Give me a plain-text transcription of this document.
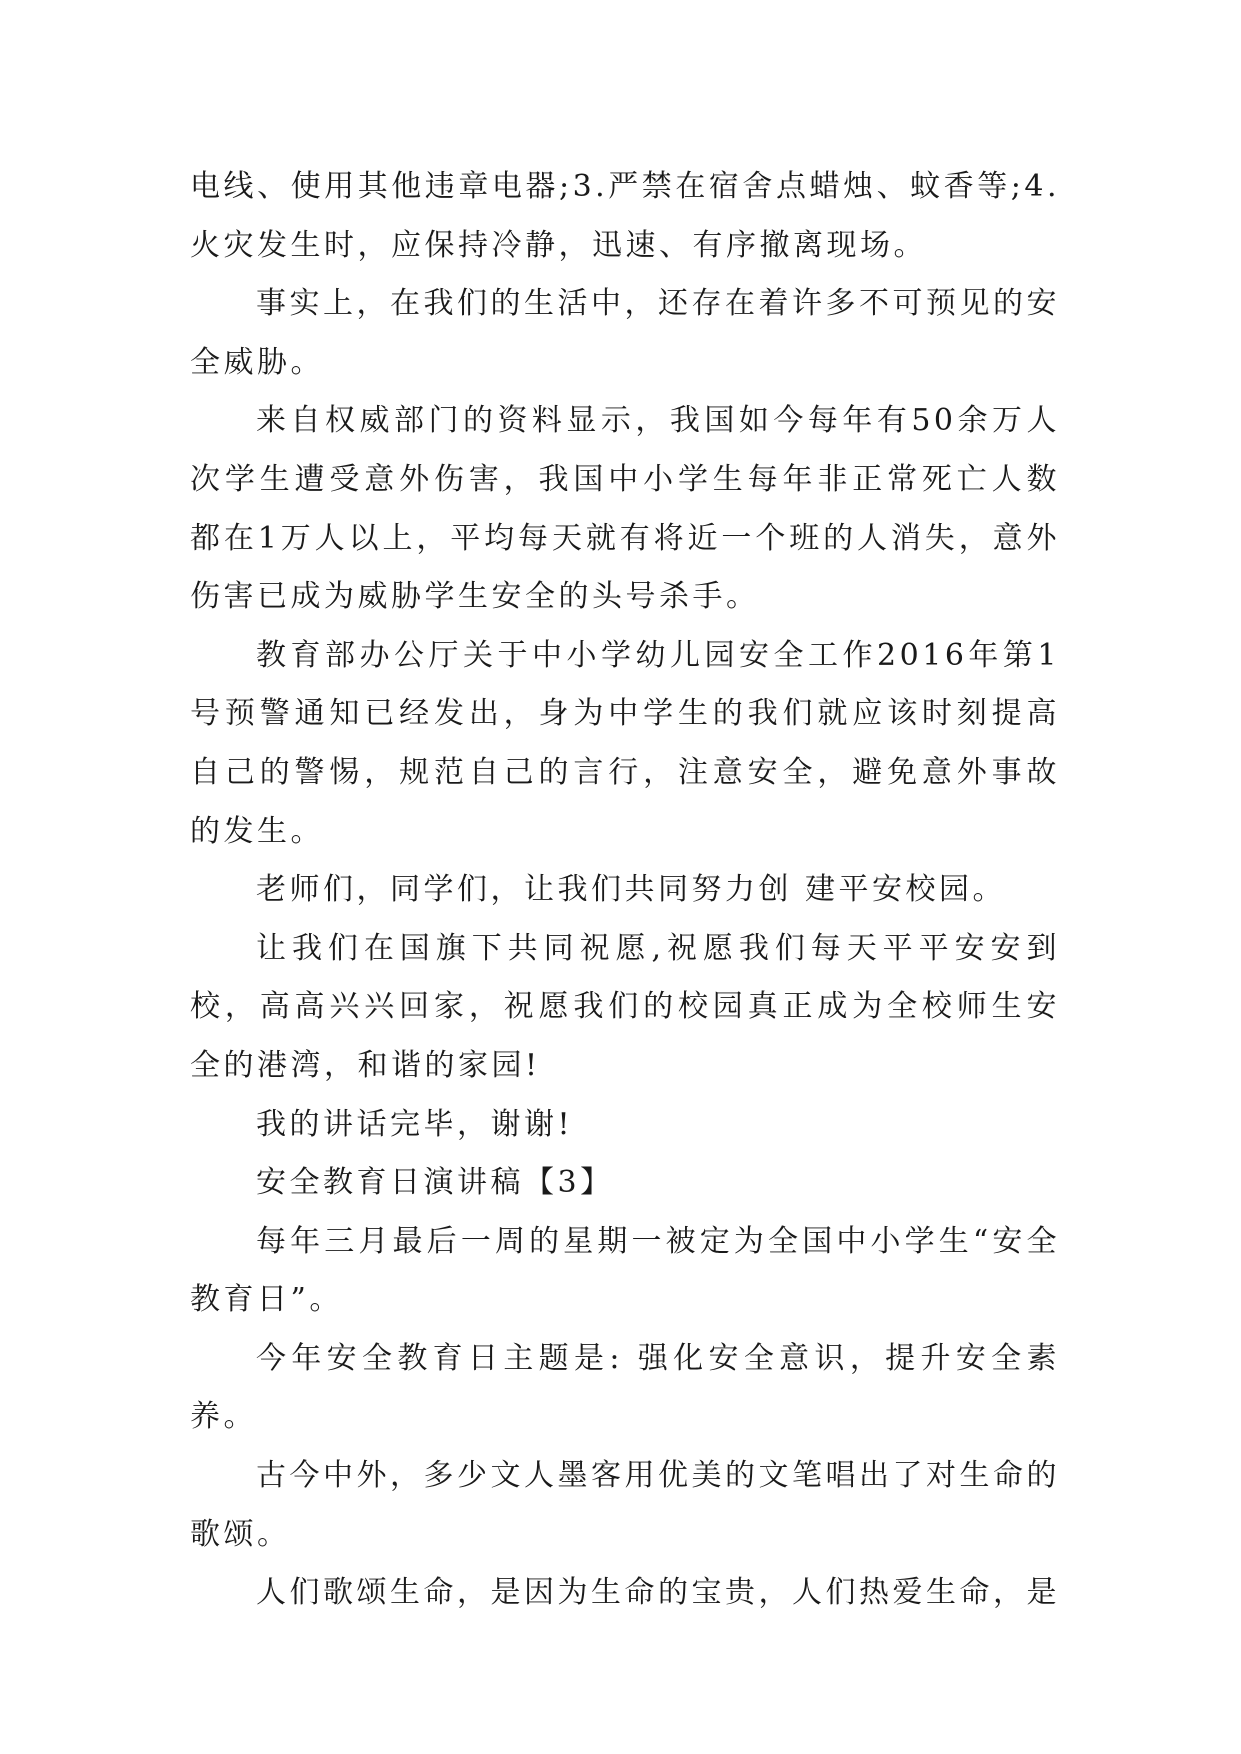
电线、使用其他违章电器;3.严禁在宿舍点蜡烛、蚊香等;4.火灾发生时，应保持冷静，迅速、有序撤离现场。

事实上，在我们的生活中，还存在着许多不可预见的安全威胁。

来自权威部门的资料显示，我国如今每年有50余万人次学生遭受意外伤害，我国中小学生每年非正常死亡人数都在1万人以上，平均每天就有将近一个班的人消失，意外伤害已成为威胁学生安全的头号杀手。

教育部办公厅关于中小学幼儿园安全工作2016年第1号预警通知已经发出，身为中学生的我们就应该时刻提高自己的警惕，规范自己的言行，注意安全，避免意外事故的发生。

老师们，同学们，让我们共同努力创 建平安校园。

让我们在国旗下共同祝愿,祝愿我们每天平平安安到校，高高兴兴回家，祝愿我们的校园真正成为全校师生安全的港湾，和谐的家园!

我的讲话完毕，谢谢!

安全教育日演讲稿【3】

每年三月最后一周的星期一被定为全国中小学生“安全教育日”。

今年安全教育日主题是: 强化安全意识，提升安全素养。

古今中外，多少文人墨客用优美的文笔唱出了对生命的歌颂。

人们歌颂生命，是因为生命的宝贵，人们热爱生命，是
